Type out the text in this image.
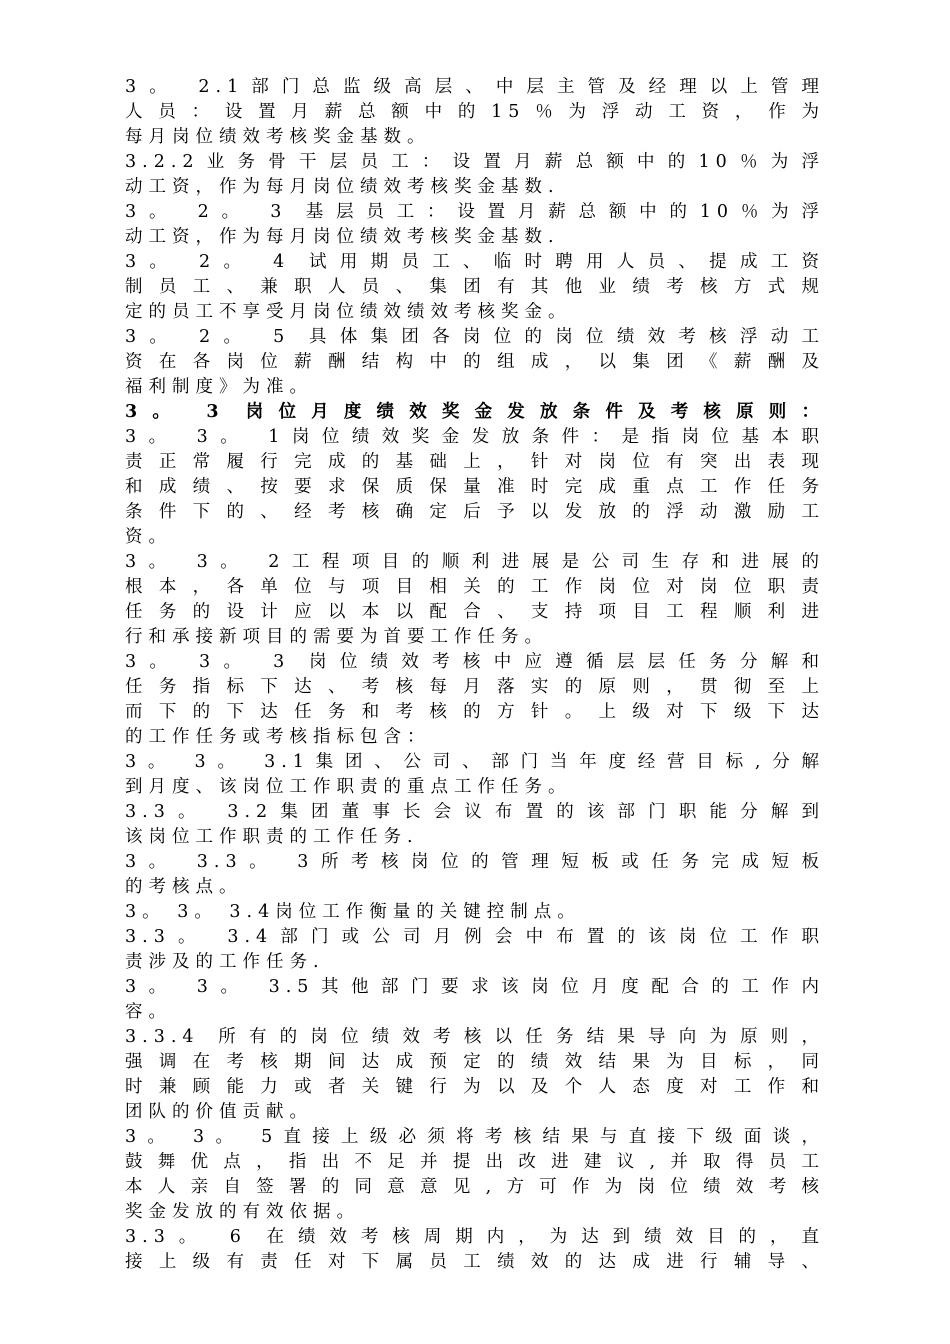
3。 2.1部门总监级高层、中层主管及经理以上管理
人员：设置月薪总额中的15％为浮动工资，作为
每月岗位绩效考核奖金基数。
3.2.2业务骨干层员工：设置月薪总额中的10％为浮
动工资，作为每月岗位绩效考核奖金基数.
3。 2。 3 基层员工：设置月薪总额中的10％为浮
动工资，作为每月岗位绩效考核奖金基数.
3。 2。 4 试用期员工、临时聘用人员、提成工资
制员工、兼职人员、集团有其他业绩考核方式规
定的员工不享受月岗位绩效绩效考核奖金。
3。 2。 5 具体集团各岗位的岗位绩效考核浮动工
资在各岗位薪酬结构中的组成，以集团《薪酬及
福利制度》为准。
3。 3 岗位月度绩效奖金发放条件及考核原则：
3。 3。 1岗位绩效奖金发放条件：是指岗位基本职
责正常履行完成的基础上，针对岗位有突出表现
和成绩、按要求保质保量准时完成重点工作任务
条件下的、经考核确定后予以发放的浮动激励工
资。
3。 3。 2工程项目的顺利进展是公司生存和进展的
根本，各单位与项目相关的工作岗位对岗位职责
任务的设计应以本以配合、支持项目工程顺利进
行和承接新项目的需要为首要工作任务。
3。 3。 3 岗位绩效考核中应遵循层层任务分解和
任务指标下达、考核每月落实的原则，贯彻至上
而下的下达任务和考核的方针。上级对下级下达
的工作任务或考核指标包含：
3。 3。 3.1集团、公司、部门当年度经营目标,分解
到月度、该岗位工作职责的重点工作任务。
3.3。 3.2集团董事长会议布置的该部门职能分解到
该岗位工作职责的工作任务.
3。 3.3。 3所考核岗位的管理短板或任务完成短板
的考核点。
3。 3。 3.4岗位工作衡量的关键控制点。
3.3。 3.4部门或公司月例会中布置的该岗位工作职
责涉及的工作任务.
3。 3。 3.5其他部门要求该岗位月度配合的工作内
容。
3.3.4 所有的岗位绩效考核以任务结果导向为原则，
强调在考核期间达成预定的绩效结果为目标，同
时兼顾能力或者关键行为以及个人态度对工作和
团队的价值贡献。
3。 3。 5直接上级必须将考核结果与直接下级面谈，
鼓舞优点，指出不足并提出改进建议,并取得员工
本人亲自签署的同意意见,方可作为岗位绩效考核
奖金发放的有效依据。
3.3。 6 在绩效考核周期内，为达到绩效目的，直
接上级有责任对下属员工绩效的达成进行辅导、
